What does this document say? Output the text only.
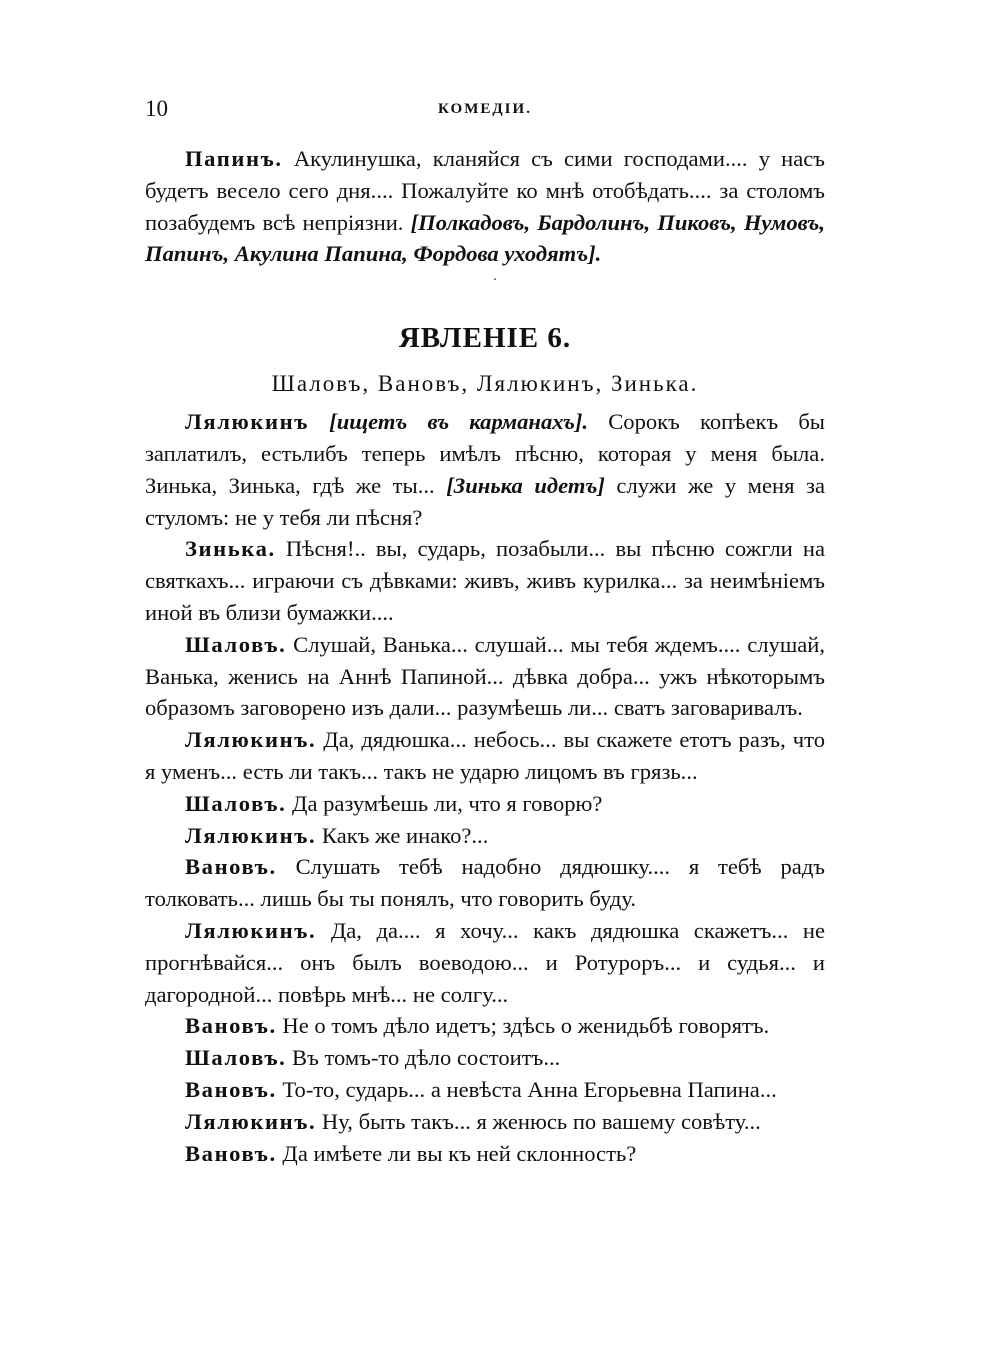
10	КОМЕДІИ.

Папинъ. Акулинушка, кланяйся съ сими господами.... у насъ будетъ весело сего дня.... Пожалуйте ко мнѣ отобѣдать.... за столомъ позабудемъ всѣ непріязни. [Полкадовъ, Бардолинъ, Пиковъ, Нумовъ, Папинъ, Акулина Папина, Фордова уходятъ].

·

ЯВЛЕНІЕ 6.
Шаловъ, Вановъ, Лялюкинъ, Зинька.

Лялюкинъ [ищетъ въ карманахъ]. Сорокъ копѣекъ бы заплатилъ, естьлибъ теперь имѣлъ пѣсню, которая у меня была. Зинька, Зинька, гдѣ же ты... [Зинька идетъ] служи же у меня за стуломъ: не у тебя ли пѣсня?

Зинька. Пѣсня!.. вы, сударь, позабыли... вы пѣсню сожгли на святкахъ... играючи съ дѣвками: живъ, живъ курилка... за неимѣніемъ иной въ близи бумажки....

Шаловъ. Слушай, Ванька... слушай... мы тебя ждемъ.... слушай, Ванька, женись на Аннѣ Папиной... дѣвка добра... ужъ нѣкоторымъ образомъ заговорено изъ дали... разумѣешь ли... сватъ заговаривалъ.

Лялюкинъ. Да, дядюшка... небось... вы скажете етотъ разъ, что я уменъ... есть ли такъ... такъ не ударю лицомъ въ грязь...

Шаловъ. Да разумѣешь ли, что я говорю?

Лялюкинъ. Какъ же инако?...

Вановъ. Слушать тебѣ надобно дядюшку.... я тебѣ радъ толковать... лишь бы ты понялъ, что говорить буду.

Лялюкинъ. Да, да.... я хочу... какъ дядюшка скажетъ... не прогнѣвайся... онъ былъ воеводою... и Ротурoръ... и судья... и дагородной... повѣрь мнѣ... не солгу...

Вановъ. Не о томъ дѣло идетъ; здѣсь о женидьбѣ говорятъ.

Шаловъ. Въ томъ-то дѣло состоитъ...

Вановъ. То-то, сударь... а невѣста Анна Егорьевна Папина...

Лялюкинъ. Ну, быть такъ... я женюсь по вашему совѣту...

Вановъ. Да имѣете ли вы къ ней склонность?
